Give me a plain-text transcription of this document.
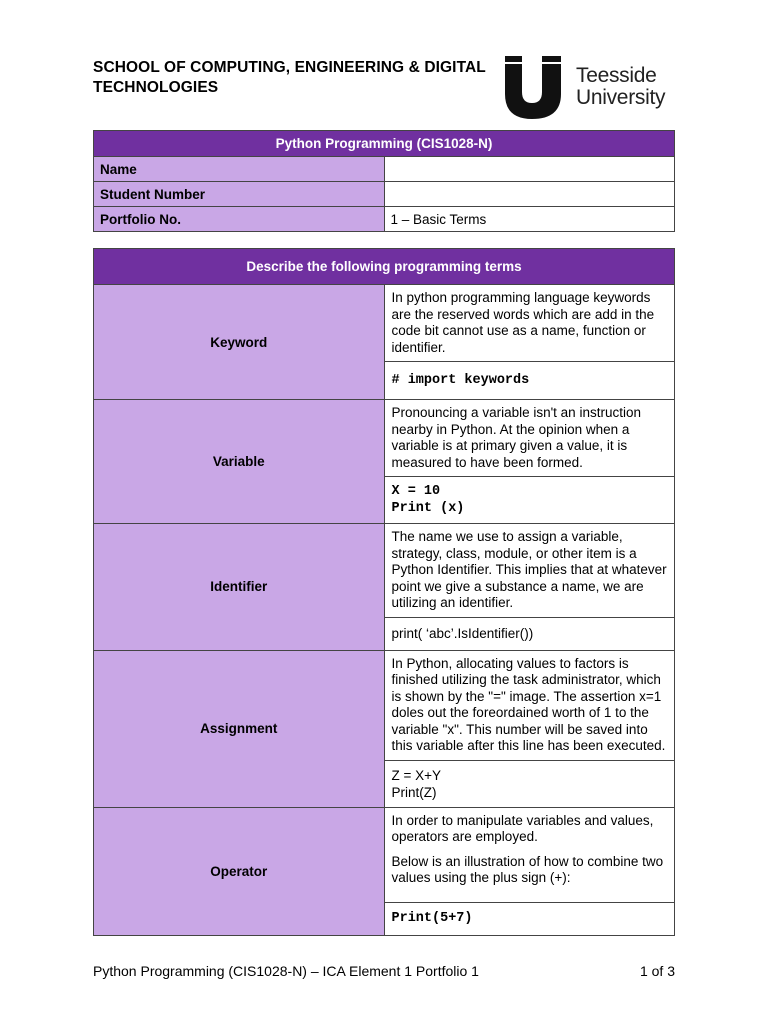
SCHOOL OF COMPUTING, ENGINEERING & DIGITAL
TECHNOLOGIES
Teesside
University
Python Programming (CIS1028-N)	
Name	
Student Number	
Portfolio No.	1 – Basic Terms
Describe the following programming terms	
Keyword	In python programming language keywords are the reserved words which are add in the code bit cannot use as a name, function or identifier.

	# import keywords

Variable	Pronouncing a variable isn't an instruction nearby in Python. At the opinion when a variable is at primary given a value, it is measured to have been formed.

	X = 10
Print (x)

Identifier	The name we use to assign a variable, strategy, class, module, or other item is a Python Identifier. This implies that at whatever point we give a substance a name, we are utilizing an identifier.

	print( ‘abc’.IsIdentifier())

Assignment	In Python, allocating values to factors is finished utilizing the task administrator, which is shown by the "=" image. The assertion x=1 doles out the foreordained worth of 1 to the variable "x". This number will be saved into this variable after this line has been executed.

	Z = X+Y
Print(Z)

Operator	In order to manipulate variables and values, operators are employed.

Below is an illustration of how to combine two values using the plus sign (+):

	Print(5+7)
Python Programming (CIS1028-N) – ICA Element 1 Portfolio 1	1 of 3
